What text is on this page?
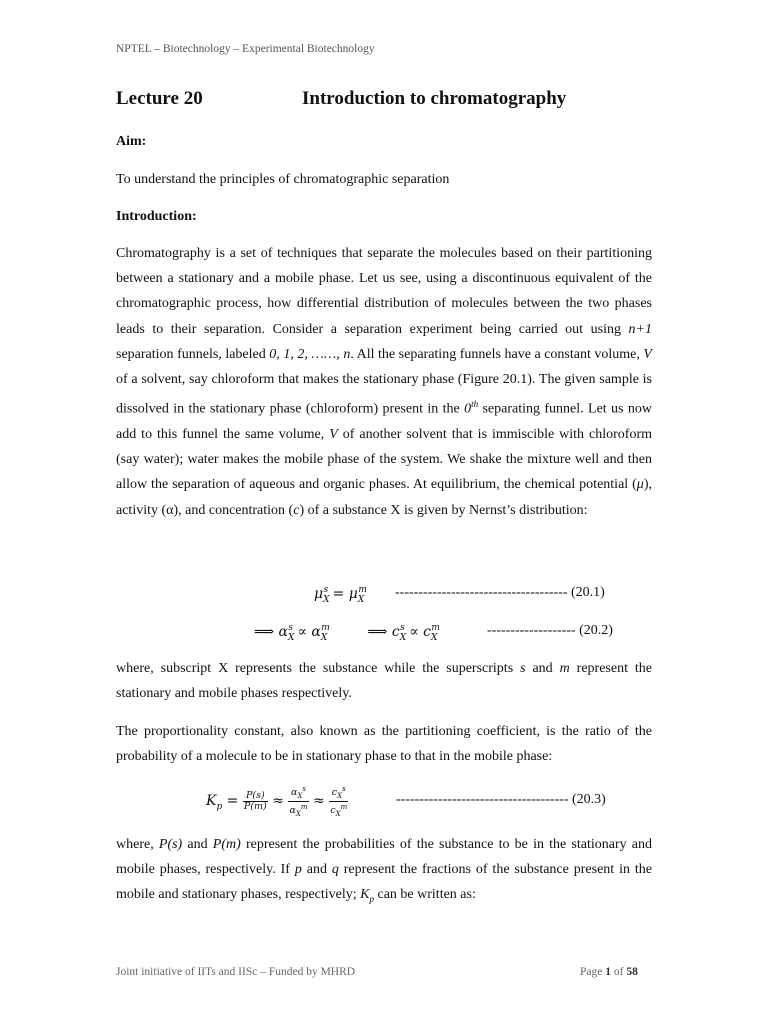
NPTEL – Biotechnology – Experimental Biotechnology
Lecture 20	Introduction to chromatography
Aim:
To understand the principles of chromatographic separation
Introduction:
Chromatography is a set of techniques that separate the molecules based on their partitioning between a stationary and a mobile phase. Let us see, using a discontinuous equivalent of the chromatographic process, how differential distribution of molecules between the two phases leads to their separation. Consider a separation experiment being carried out using n+1 separation funnels, labeled 0, 1, 2, ……, n. All the separating funnels have a constant volume, V of a solvent, say chloroform that makes the stationary phase (Figure 20.1). The given sample is dissolved in the stationary phase (chloroform) present in the 0th separating funnel. Let us now add to this funnel the same volume, V of another solvent that is immiscible with chloroform (say water); water makes the mobile phase of the system. We shake the mixture well and then allow the separation of aqueous and organic phases. At equilibrium, the chemical potential (μ), activity (α), and concentration (c) of a substance X is given by Nernst’s distribution:
$\mu_X^s = \mu_X^m$ ------------------------------------- (20.1)
⟹ $\alpha_X^s \propto \alpha_X^m$	⟹ $c_X^s \propto c_X^m$	------------------- (20.2)
where, subscript X represents the substance while the superscripts s and m represent the stationary and mobile phases respectively.
The proportionality constant, also known as the partitioning coefficient, is the ratio of the probability of a molecule to be in stationary phase to that in the mobile phase:
$K_p = \frac{P(s)}{P(m)} \approx \frac{\alpha_X^s}{\alpha_X^m} \approx \frac{c_X^s}{c_X^m}$	------------------------------------- (20.3)
where, P(s) and P(m) represent the probabilities of the substance to be in the stationary and mobile phases, respectively. If p and q represent the fractions of the substance present in the mobile and stationary phases, respectively; $K_p$ can be written as:
Joint initiative of IITs and IISc – Funded by MHRD	Page 1 of 58
